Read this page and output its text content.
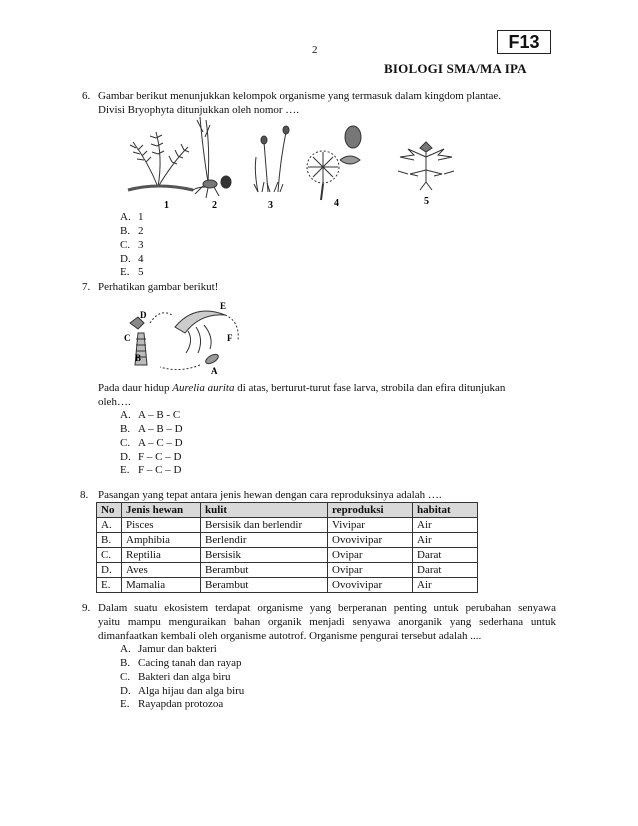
2	F13
BIOLOGI SMA/MA IPA
6. Gambar berikut menunjukkan kelompok organisme yang termasuk dalam kingdom plantae.
Divisi Bryophyta ditunjukkan oleh nomor ….
1	2	3	4	5
A. 1
B. 2
C. 3
D. 4
E. 5
7. Perhatikan gambar berikut!
D
E
C	F
B
A
Pada daur hidup Aurelia aurita di atas, berturut-turut fase larva, strobila dan efira ditunjukan
oleh….
A. A – B - C
B. A – B – D
C. A – C – D
D. F – C – D
E. F – C – D
8. Pasangan yang tepat antara jenis hewan dengan cara reproduksinya adalah ….
No	Jenis hewan	kulit	reproduksi	habitat
A.	Pisces	Bersisik dan berlendir	Vivipar	Air
B.	Amphibia	Berlendir	Ovovivipar	Air
C.	Reptilia	Bersisik	Ovipar	Darat
D.	Aves	Berambut	Ovipar	Darat
E.	Mamalia	Berambut	Ovovivipar	Air
9. Dalam suatu ekosistem terdapat organisme yang berperanan penting untuk perubahan senyawa
yaitu mampu menguraikan bahan organik menjadi senyawa anorganik yang sederhana untuk
dimanfaatkan kembali oleh organisme autotrof. Organisme pengurai tersebut adalah ....
A. Jamur dan bakteri
B. Cacing tanah dan rayap
C. Bakteri dan alga biru
D. Alga hijau dan alga biru
E. Rayapdan protozoa
